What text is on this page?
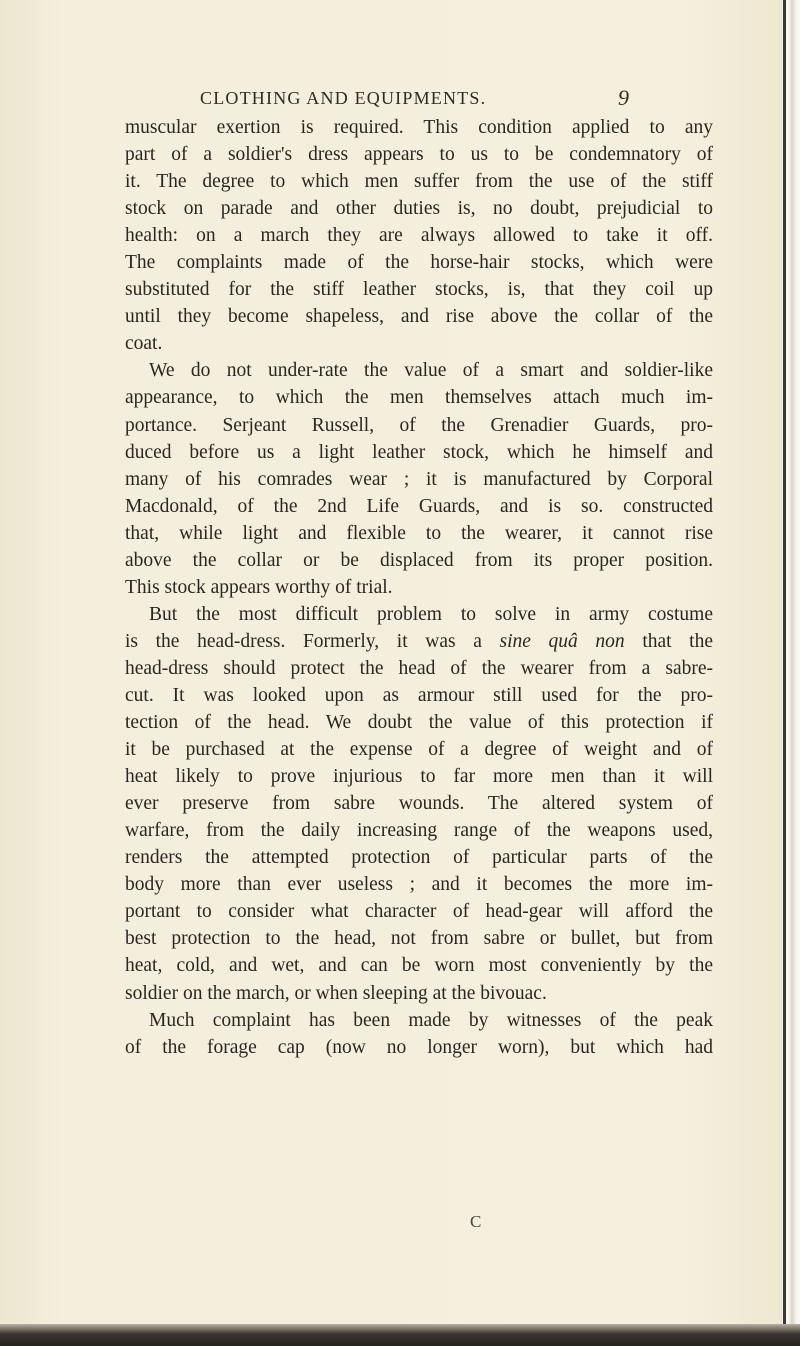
CLOTHING AND EQUIPMENTS.	9
muscular exertion is required. This condition applied to any
part of a soldier's dress appears to us to be condemnatory of
it. The degree to which men suffer from the use of the stiff
stock on parade and other duties is, no doubt, prejudicial to
health: on a march they are always allowed to take it off.
The complaints made of the horse-hair stocks, which were
substituted for the stiff leather stocks, is, that they coil up
until they become shapeless, and rise above the collar of the
coat.
We do not under-rate the value of a smart and soldier-like
appearance, to which the men themselves attach much im-
portance. Serjeant Russell, of the Grenadier Guards, pro-
duced before us a light leather stock, which he himself and
many of his comrades wear ; it is manufactured by Corporal
Macdonald, of the 2nd Life Guards, and is so. constructed
that, while light and flexible to the wearer, it cannot rise
above the collar or be displaced from its proper position.
This stock appears worthy of trial.
But the most difficult problem to solve in army costume
is the head-dress. Formerly, it was a sine quâ non that the
head-dress should protect the head of the wearer from a sabre-
cut. It was looked upon as armour still used for the pro-
tection of the head. We doubt the value of this protection if
it be purchased at the expense of a degree of weight and of
heat likely to prove injurious to far more men than it will
ever preserve from sabre wounds. The altered system of
warfare, from the daily increasing range of the weapons used,
renders the attempted protection of particular parts of the
body more than ever useless ; and it becomes the more im-
portant to consider what character of head-gear will afford the
best protection to the head, not from sabre or bullet, but from
heat, cold, and wet, and can be worn most conveniently by the
soldier on the march, or when sleeping at the bivouac.
Much complaint has been made by witnesses of the peak
of the forage cap (now no longer worn), but which had
C
